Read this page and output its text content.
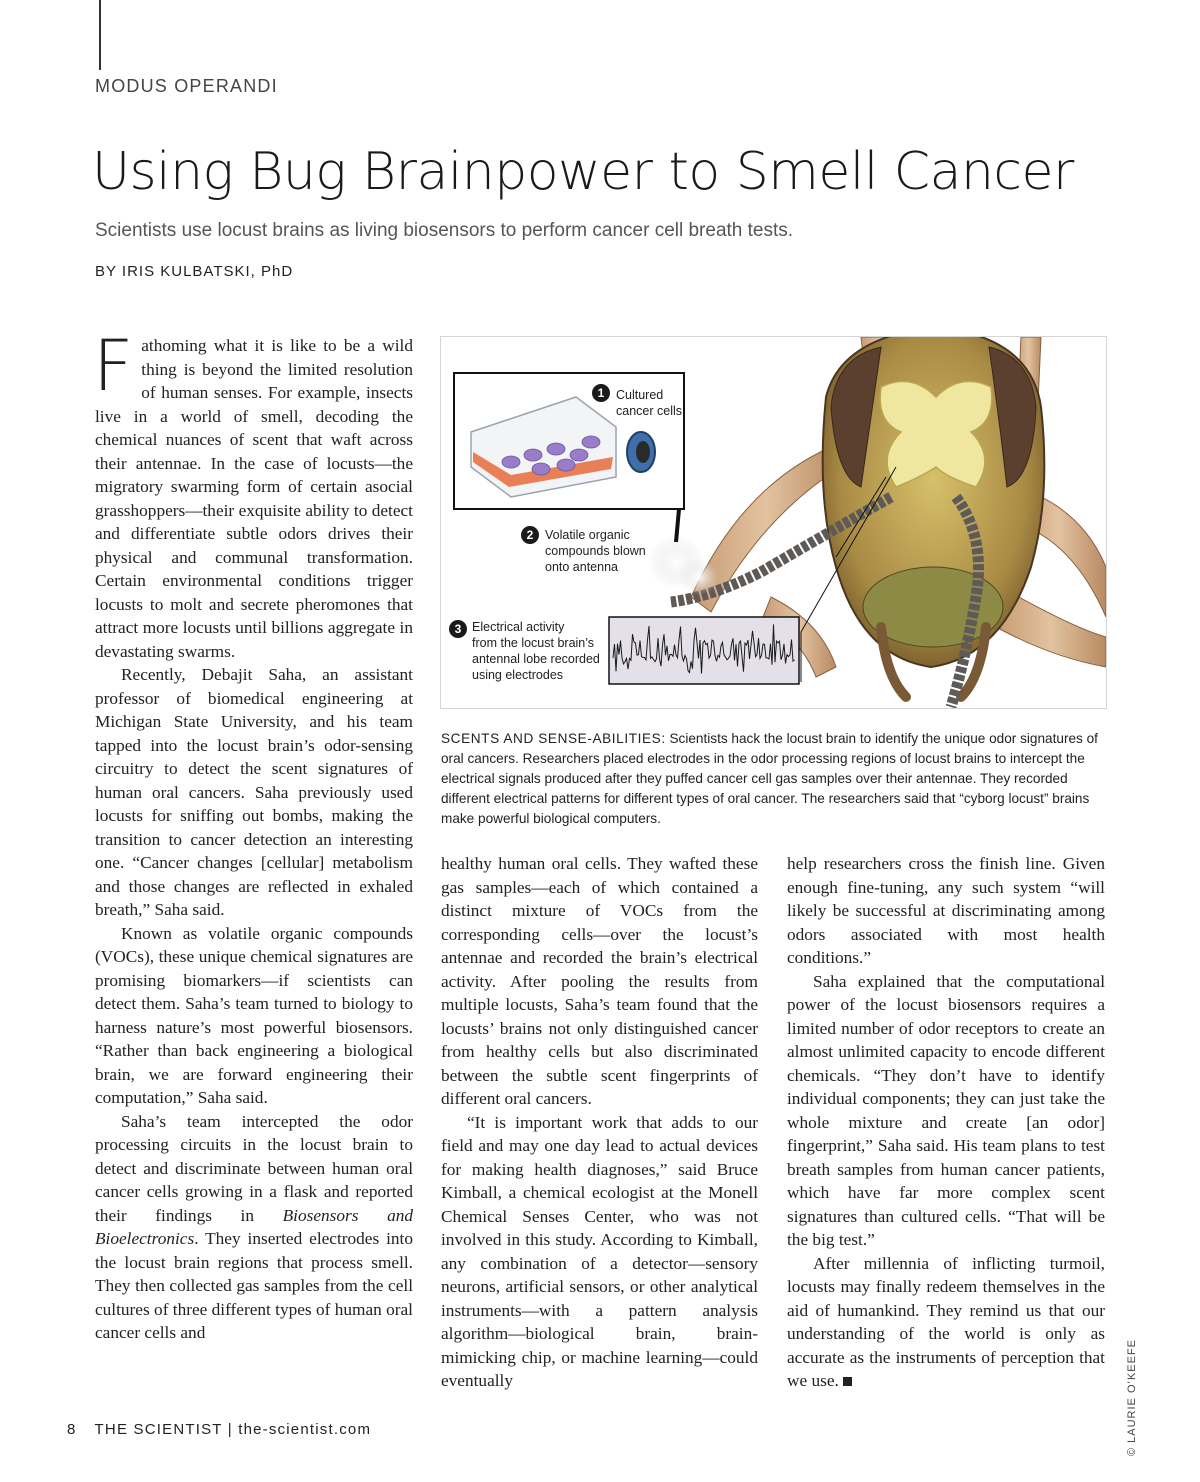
MODUS OPERANDI
Using Bug Brainpower to Smell Cancer
Scientists use locust brains as living biosensors to perform cancer cell breath tests.
BY IRIS KULBATSKI, PhD

Fathoming what it is like to be a wild thing is beyond the limited resolution of human senses. For example, insects live in a world of smell, decoding the chemical nuances of scent that waft across their antennae. In the case of locusts—the migratory swarming form of certain asocial grasshoppers—their exquisite ability to detect and differentiate subtle odors drives their physical and communal transformation. Certain environmental conditions trigger locusts to molt and secrete pheromones that attract more locusts until billions aggregate in devastating swarms.

Recently, Debajit Saha, an assistant professor of biomedical engineering at Michigan State University, and his team tapped into the locust brain’s odor-sensing circuitry to detect the scent signatures of human oral cancers. Saha previously used locusts for sniffing out bombs, making the transition to cancer detection an interesting one. “Cancer changes [cellular] metabolism and those changes are reflected in exhaled breath,” Saha said.

Known as volatile organic compounds (VOCs), these unique chemical signatures are promising biomarkers—if scientists can detect them. Saha’s team turned to biology to harness nature’s most powerful biosensors. “Rather than back engineering a biological brain, we are forward engineering their computation,” Saha said.

Saha’s team intercepted the odor processing circuits in the locust brain to detect and discriminate between human oral cancer cells growing in a flask and reported their findings in Biosensors and Bioelectronics. They inserted electrodes into the locust brain regions that process smell. They then collected gas samples from the cell cultures of three different types of human oral cancer cells and

healthy human oral cells. They wafted these gas samples—each of which contained a distinct mixture of VOCs from the corresponding cells—over the locust’s antennae and recorded the brain’s electrical activity. After pooling the results from multiple locusts, Saha’s team found that the locusts’ brains not only distinguished cancer from healthy cells but also discriminated between the subtle scent fingerprints of different oral cancers.

“It is important work that adds to our field and may one day lead to actual devices for making health diagnoses,” said Bruce Kimball, a chemical ecologist at the Monell Chemical Senses Center, who was not involved in this study. According to Kimball, any combination of a detector—sensory neurons, artificial sensors, or other analytical instruments—with a pattern analysis algorithm—biological brain, brain-mimicking chip, or machine learning—could eventually

help researchers cross the finish line. Given enough fine-tuning, any such system “will likely be successful at discriminating among odors associated with most health conditions.”

Saha explained that the computational power of the locust biosensors requires a limited number of odor receptors to create an almost unlimited capacity to encode different chemicals. “They don’t have to identify individual components; they can just take the whole mixture and create [an odor] fingerprint,” Saha said. His team plans to test breath samples from human cancer patients, which have far more complex scent signatures than cultured cells. “That will be the big test.”

After millennia of inflicting turmoil, locusts may finally redeem themselves in the aid of humankind. They remind us that our understanding of the world is only as accurate as the instruments of perception that we use.

1 Cultured
cancer cells
2 Volatile organic
compounds blown
onto antenna
3 Electrical activity
from the locust brain’s
antennal lobe recorded
using electrodes
SCENTS AND SENSE-ABILITIES: Scientists hack the locust brain to identify the unique odor signatures of oral cancers. Researchers placed electrodes in the odor processing regions of locust brains to intercept the electrical signals produced after they puffed cancer cell gas samples over their antennae. They recorded different electrical patterns for different types of oral cancer. The researchers said that “cyborg locust” brains make powerful biological computers.
© LAURIE O’KEEFE
8 THE SCIENTIST | the-scientist.com
